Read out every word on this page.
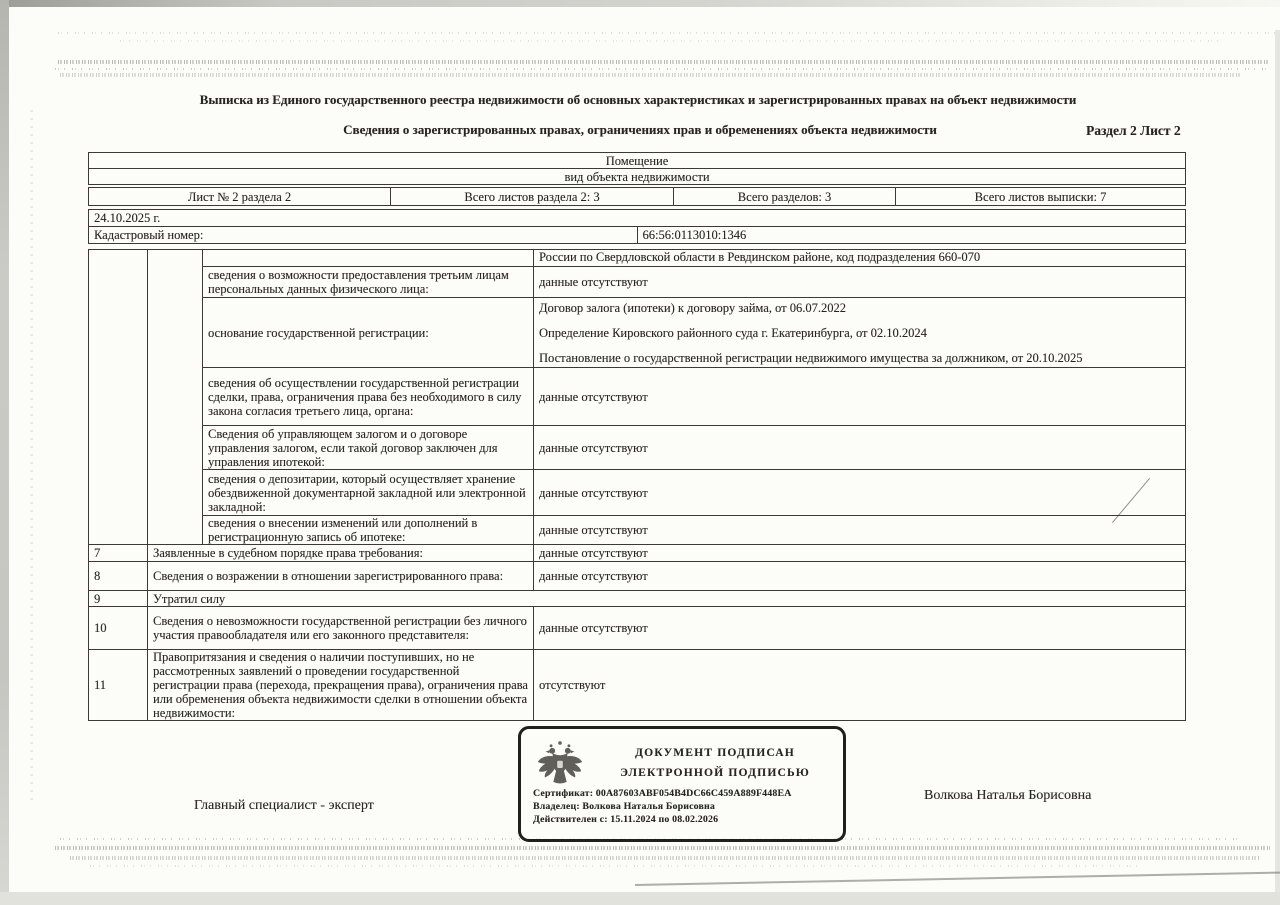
Выписка из Единого государственного реестра недвижимости об основных характеристиках и зарегистрированных правах на объект недвижимости
Сведения о зарегистрированных правах, ограничениях прав и обременениях объекта недвижимости	Раздел 2 Лист 2
Помещение
вид объекта недвижимости
Лист № 2 раздела 2	Всего листов раздела 2: 3	Всего разделов: 3	Всего листов выписки: 7
24.10.2025 г.
Кадастровый номер:	66:56:0113010:1346
			России по Свердловской области в Ревдинском районе, код подразделения 660-070
		сведения о возможности предоставления третьим лицам персональных данных физического лица:	данные отсутствуют
		основание государственной регистрации:	Договор залога (ипотеки) к договору займа, от 06.07.2022
Определение Кировского районного суда г. Екатеринбурга, от 02.10.2024
Постановление о государственной регистрации недвижимого имущества за должником, от 20.10.2025

		сведения об осуществлении государственной регистрации сделки, права, ограничения права без необходимого в силу закона согласия третьего лица, органа:	данные отсутствуют
		Сведения об управляющем залогом и о договоре управления залогом, если такой договор заключен для управления ипотекой:	данные отсутствуют
		сведения о депозитарии, который осуществляет хранение обездвиженной документарной закладной или электронной закладной:	данные отсутствуют
		сведения о внесении изменений или дополнений в регистрационную запись об ипотеке:	данные отсутствуют
7	Заявленные в судебном порядке права требования:		данные отсутствуют
8	Сведения о возражении в отношении зарегистрированного права:		данные отсутствуют
9	Утратил силу		
10	Сведения о невозможности государственной регистрации без личного участия правообладателя или его законного представителя:		данные отсутствуют
11	Правопритязания и сведения о наличии поступивших, но не рассмотренных заявлений о проведении государственной регистрации права (перехода, прекращения права), ограничения права или обременения объекта недвижимости сделки в отношении объекта недвижимости:		отсутствуют
ДОКУМЕНТ ПОДПИСАН
ЭЛЕКТРОННОЙ ПОДПИСЬЮ
Сертификат: 00A87603ABF054B4DC66C459A889F448EA
Владелец: Волкова Наталья Борисовна
Действителен с: 15.11.2024 по 08.02.2026
Главный специалист - эксперт
Волкова Наталья Борисовна
